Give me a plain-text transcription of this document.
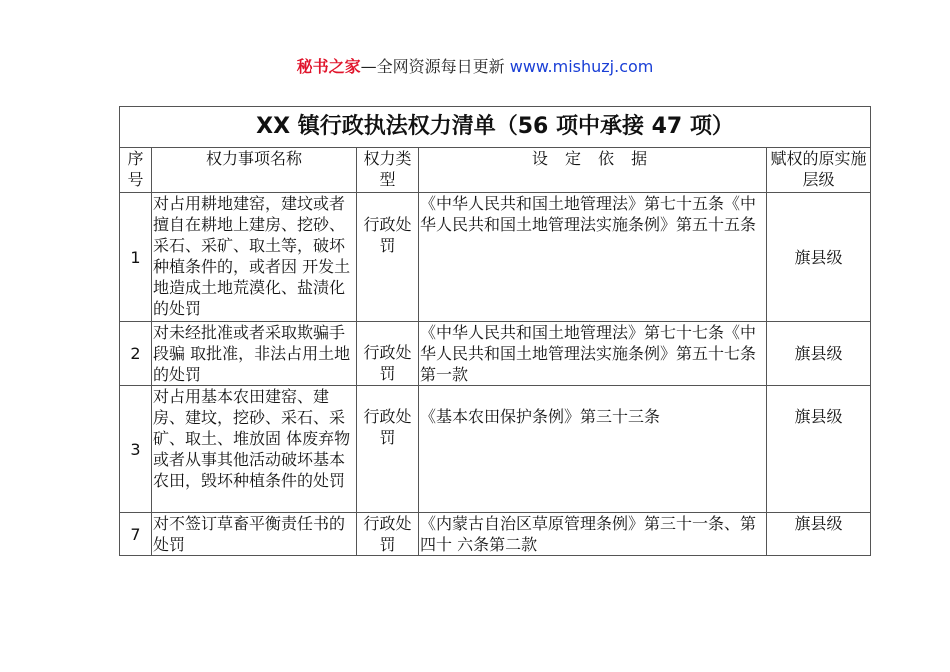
秘书之家—全网资源每日更新 www.mishuzj.com
XX 镇行政执法权力清单（56 项中承接 47 项）				
序号	权力事项名称	权力类型	设 定 依 据	赋权的原实施层级
1	对占用耕地建窑，建坟或者擅自在耕地上建房、挖砂、采石、采矿、取土等，破坏种植条件的，或者因 开发土地造成土地荒漠化、盐渍化的处罚	行政处罚	《中华人民共和国土地管理法》第七十五条《中华人民共和国土地管理法实施条例》第五十五条	旗县级
2	对未经批准或者采取欺骗手段骗 取批准，非法占用土地的处罚	行政处罚	《中华人民共和国土地管理法》第七十七条《中华人民共和国土地管理法实施条例》第五十七条 第一款	旗县级
3	对占用基本农田建窑、建房、建坟，挖砂、采石、采矿、取土、堆放固 体废弃物或者从事其他活动破坏基本农田，毁坏种植条件的处罚	行政处罚	《基本农田保护条例》第三十三条	旗县级
7	对不签订草畜平衡责任书的处罚	行政处罚	《内蒙古自治区草原管理条例》第三十一条、第四十 六条第二款	旗县级
